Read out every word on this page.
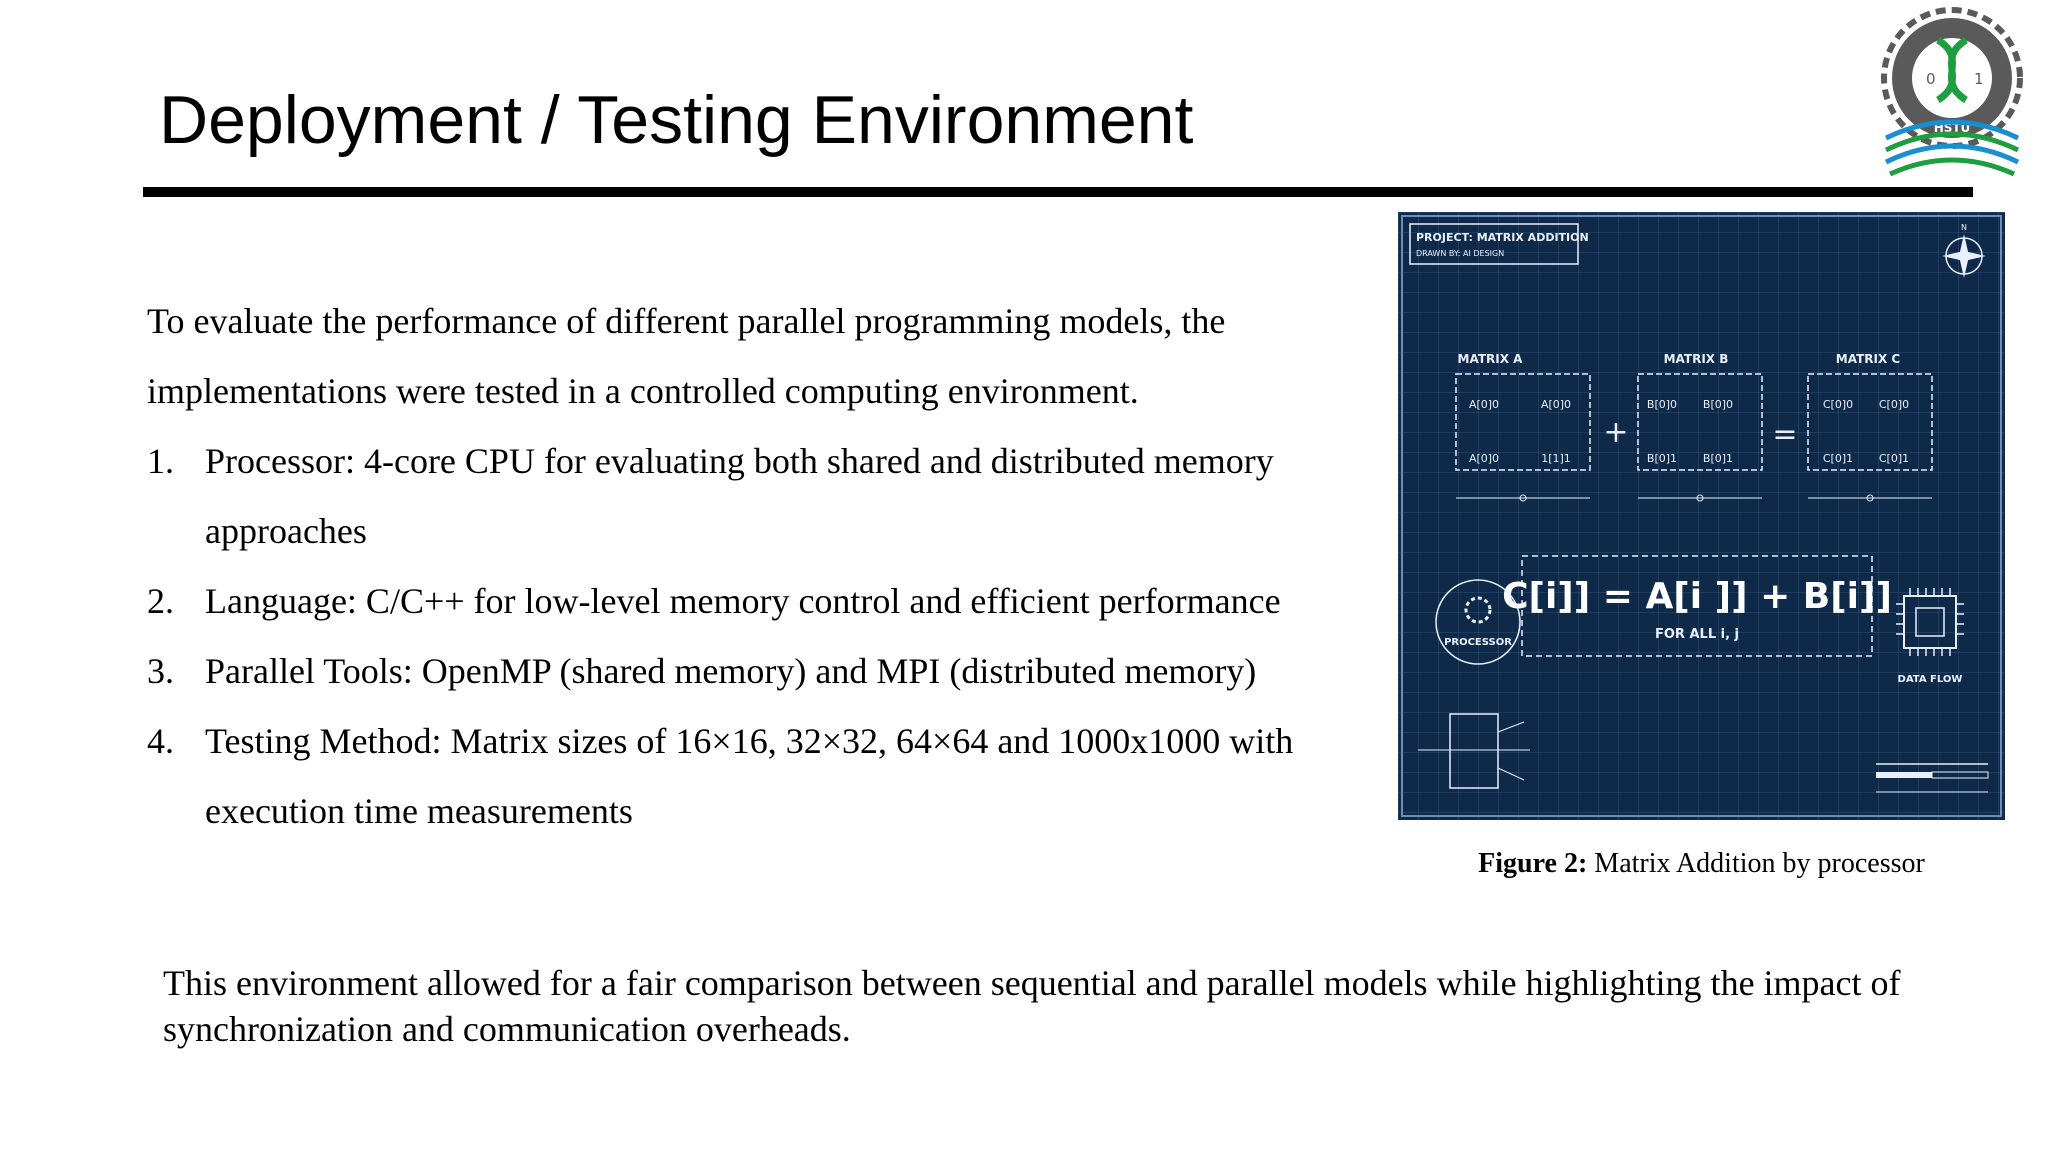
Deployment / Testing Environment
0	1
HSTU

To evaluate the performance of different parallel programming models, the

implementations were tested in a controlled computing environment.

1. Processor: 4-core CPU for evaluating both shared and distributed memory approaches
2. Language: C/C++ for low-level memory control and efficient performance
3. Parallel Tools: OpenMP (shared memory) and MPI (distributed memory)
4. Testing Method: Matrix sizes of 16×16, 32×32, 64×64 and 1000x1000 with execution time measurements
PROJECT: MATRIX ADDITION
DRAWN BY: AI DESIGN
N
MATRIX A
A[0]0	A[0]0
A[0]0	1[1]1
+
MATRIX B
B[0]0 B[0]0
B[0]1 B[0]1
=
MATRIX C
C[0]0 C[0]0
C[0]1 C[0]1
C[i]] = A[i ]] + B[i]]
FOR ALL i, j
PROCESSOR
DATA FLOW
Figure 2: Matrix Addition by processor

This environment allowed for a fair comparison between sequential and parallel models while highlighting the impact of synchronization and communication overheads.
